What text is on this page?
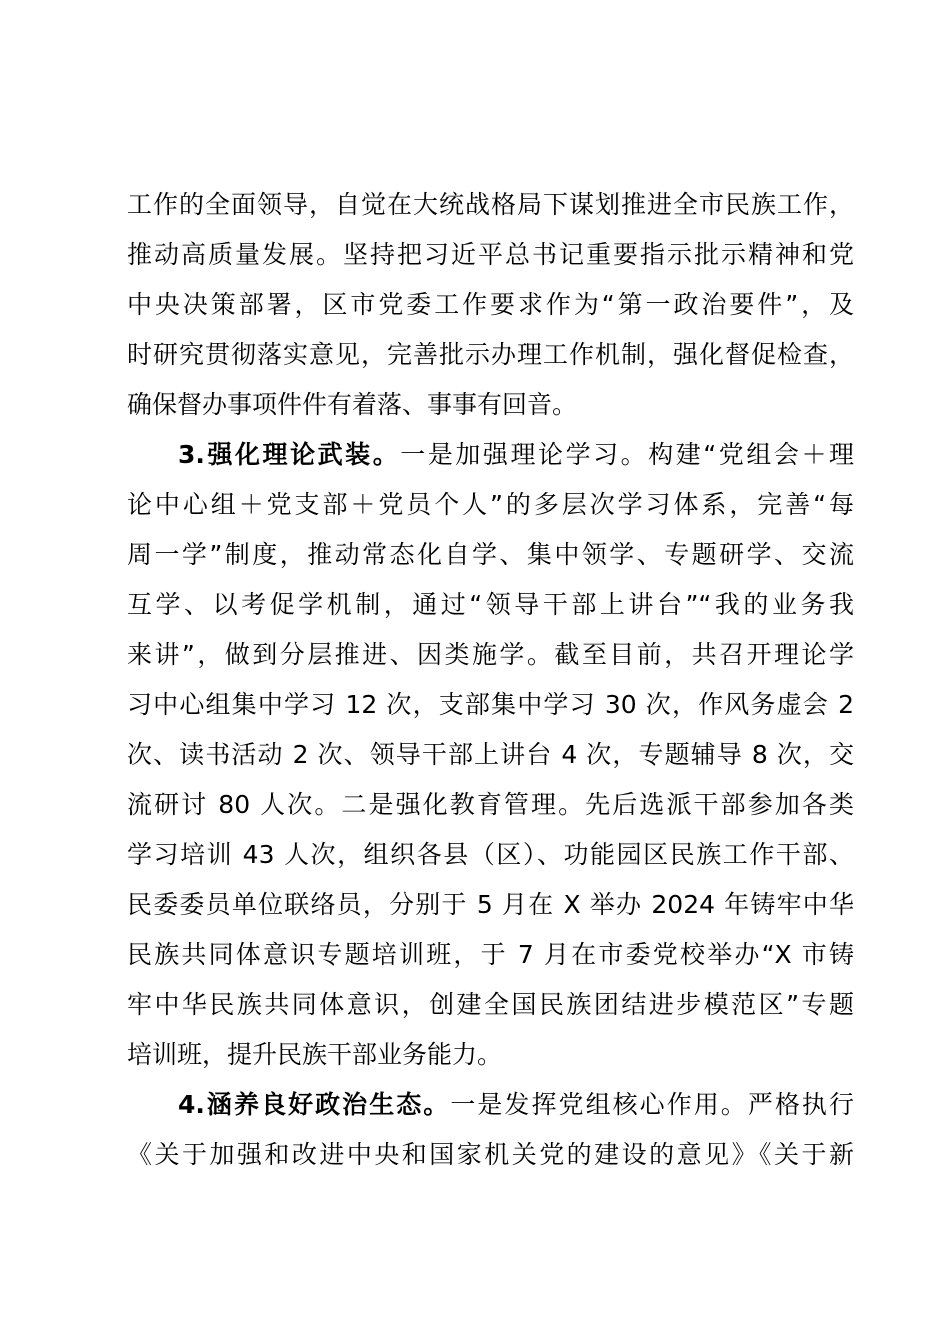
工作的全面领导，自觉在大统战格局下谋划推进全市民族工作，
推动高质量发展。坚持把习近平总书记重要指示批示精神和党
中央决策部署，区市党委工作要求作为“第一政治要件”，及
时研究贯彻落实意见，完善批示办理工作机制，强化督促检查，
确保督办事项件件有着落、事事有回音。
3.强化理论武装。一是加强理论学习。构建“党组会＋理
论中心组＋党支部＋党员个人”的多层次学习体系，完善“每
周一学”制度，推动常态化自学、集中领学、专题研学、交流
互学、以考促学机制，通过“领导干部上讲台”“我的业务我
来讲”，做到分层推进、因类施学。截至目前，共召开理论学
习中心组集中学习 12 次，支部集中学习 30 次，作风务虚会 2
次、读书活动 2 次、领导干部上讲台 4 次，专题辅导 8 次，交
流研讨 80 人次。二是强化教育管理。先后选派干部参加各类
学习培训 43 人次，组织各县（区）、功能园区民族工作干部、
民委委员单位联络员，分别于 5 月在 X 举办 2024 年铸牢中华
民族共同体意识专题培训班，于 7 月在市委党校举办“X 市铸
牢中华民族共同体意识，创建全国民族团结进步模范区”专题
培训班，提升民族干部业务能力。
4.涵养良好政治生态。一是发挥党组核心作用。严格执行
《关于加强和改进中央和国家机关党的建设的意见》《关于新
